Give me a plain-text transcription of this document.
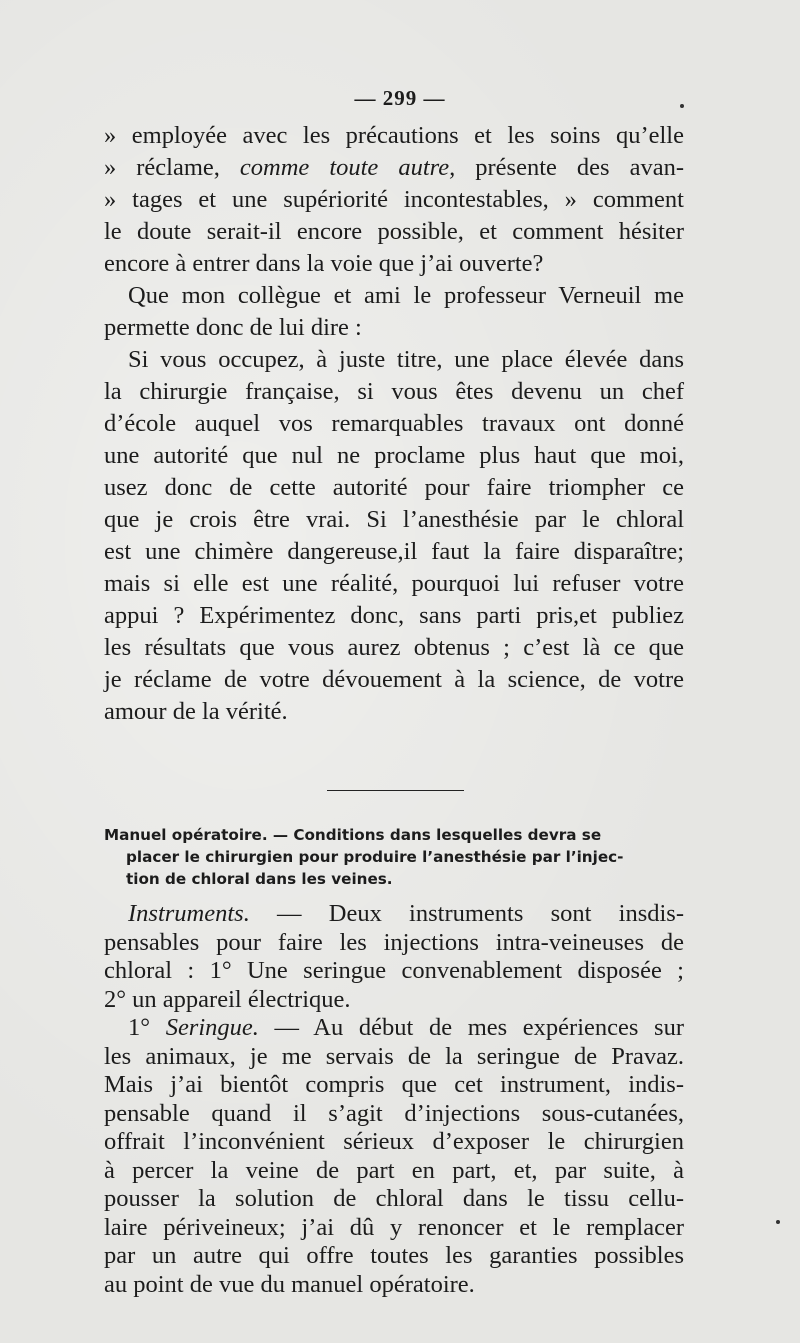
— 299 —
» employée avec les précautions et les soins qu’elle
» réclame, comme toute autre, présente des avan-
» tages et une supériorité incontestables, » comment
le doute serait-il encore possible, et comment hésiter
encore à entrer dans la voie que j’ai ouverte?
Que mon collègue et ami le professeur Verneuil me
permette donc de lui dire :
Si vous occupez, à juste titre, une place élevée dans
la chirurgie française, si vous êtes devenu un chef
d’école auquel vos remarquables travaux ont donné
une autorité que nul ne proclame plus haut que moi,
usez donc de cette autorité pour faire triompher ce
que je crois être vrai. Si l’anesthésie par le chloral
est une chimère dangereuse,il faut la faire disparaître;
mais si elle est une réalité, pourquoi lui refuser votre
appui ? Expérimentez donc, sans parti pris,et publiez
les résultats que vous aurez obtenus ; c’est là ce que
je réclame de votre dévouement à la science, de votre
amour de la vérité.
Manuel opératoire. — Conditions dans lesquelles devra se
placer le chirurgien pour produire l’anesthésie par l’injec-
tion de chloral dans les veines.
Instruments. — Deux instruments sont insdis-
pensables pour faire les injections intra-veineuses de
chloral : 1° Une seringue convenablement disposée ;
2° un appareil électrique.
1° Seringue. — Au début de mes expériences sur
les animaux, je me servais de la seringue de Pravaz.
Mais j’ai bientôt compris que cet instrument, indis-
pensable quand il s’agit d’injections sous-cutanées,
offrait l’inconvénient sérieux d’exposer le chirurgien
à percer la veine de part en part, et, par suite, à
pousser la solution de chloral dans le tissu cellu-
laire périveineux; j’ai dû y renoncer et le remplacer
par un autre qui offre toutes les garanties possibles
au point de vue du manuel opératoire.
